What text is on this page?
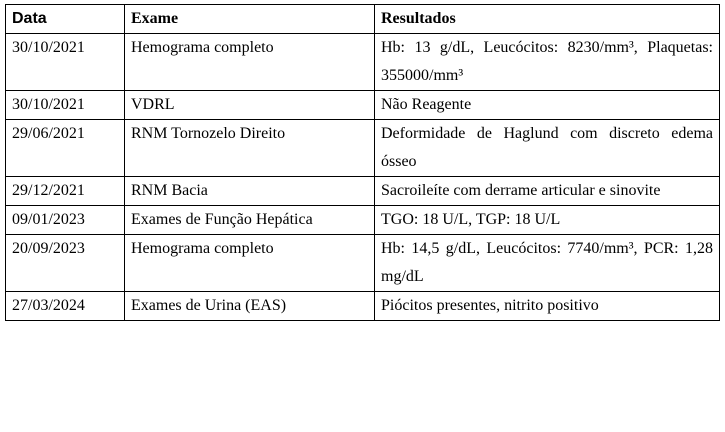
Data	Exame	Resultados
30/10/2021	Hemograma completo	Hb: 13 g/dL, Leucócitos: 8230/mm³, Plaquetas: 355000/mm³
30/10/2021	VDRL	Não Reagente
29/06/2021	RNM Tornozelo Direito	Deformidade de Haglund com discreto edema ósseo
29/12/2021	RNM Bacia	Sacroileíte com derrame articular e sinovite
09/01/2023	Exames de Função Hepática	TGO: 18 U/L, TGP: 18 U/L
20/09/2023	Hemograma completo	Hb: 14,5 g/dL, Leucócitos: 7740/mm³, PCR: 1,28 mg/dL
27/03/2024	Exames de Urina (EAS)	Piócitos presentes, nitrito positivo
